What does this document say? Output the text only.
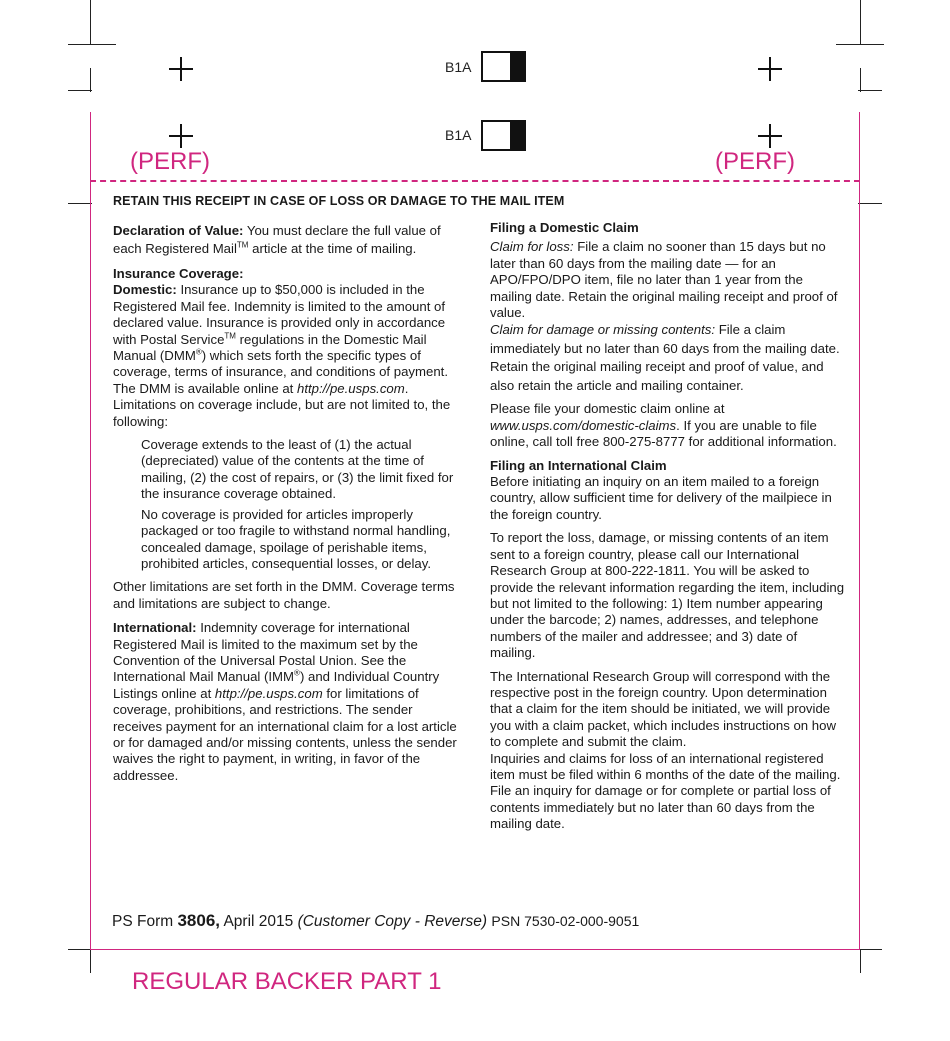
B1A
B1A
(PERF)	(PERF)
RETAIN THIS RECEIPT IN CASE OF LOSS OR DAMAGE TO THE MAIL ITEM

Declaration of Value: You must declare the full value of each Registered Mail™ article at the time of mailing.

Insurance Coverage:

Domestic: Insurance up to $50,000 is included in the Registered Mail fee. Indemnity is limited to the amount of declared value. Insurance is provided only in accordance with Postal Service™ regulations in the Domestic Mail Manual (DMM®) which sets forth the specific types of coverage, terms of insurance, and conditions of payment. The DMM is available online at http://pe.usps.com. Limitations on coverage include, but are not limited to, the following:

Coverage extends to the least of (1) the actual (depreciated) value of the contents at the time of mailing, (2) the cost of repairs, or (3) the limit fixed for the insurance coverage obtained.

No coverage is provided for articles improperly packaged or too fragile to withstand normal handling, concealed damage, spoilage of perishable items, prohibited articles, consequential losses, or delay.

Other limitations are set forth in the DMM. Coverage terms and limitations are subject to change.

International: Indemnity coverage for international Registered Mail is limited to the maximum set by the Convention of the Universal Postal Union. See the International Mail Manual (IMM®) and Individual Country Listings online at http://pe.usps.com for limitations of coverage, prohibitions, and restrictions. The sender receives payment for an international claim for a lost article or for damaged and/or missing contents, unless the sender waives the right to payment, in writing, in favor of the addressee.

Filing a Domestic Claim

Claim for loss: File a claim no sooner than 15 days but no later than 60 days from the mailing date — for an APO/FPO/DPO item, file no later than 1 year from the mailing date. Retain the original mailing receipt and proof of value.

Claim for damage or missing contents: File a claim immediately but no later than 60 days from the mailing date. Retain the original mailing receipt and proof of value, and also retain the article and mailing container.

Please file your domestic claim online at www.usps.com/domestic-claims. If you are unable to file online, call toll free 800-275-8777 for additional information.

Filing an International Claim

Before initiating an inquiry on an item mailed to a foreign country, allow sufficient time for delivery of the mailpiece in the foreign country.

To report the loss, damage, or missing contents of an item sent to a foreign country, please call our International Research Group at 800-222-1811. You will be asked to provide the relevant information regarding the item, including but not limited to the following: 1) Item number appearing under the barcode; 2) names, addresses, and telephone numbers of the mailer and addressee; and 3) date of mailing.

The International Research Group will correspond with the respective post in the foreign country. Upon determination that a claim for the item should be initiated, we will provide you with a claim packet, which includes instructions on how to complete and submit the claim.

Inquiries and claims for loss of an international registered item must be filed within 6 months of the date of the mailing. File an inquiry for damage or for complete or partial loss of contents immediately but no later than 60 days from the mailing date.

PS Form 3806, April 2015 (Customer Copy - Reverse) PSN 7530-02-000-9051
REGULAR BACKER PART 1
